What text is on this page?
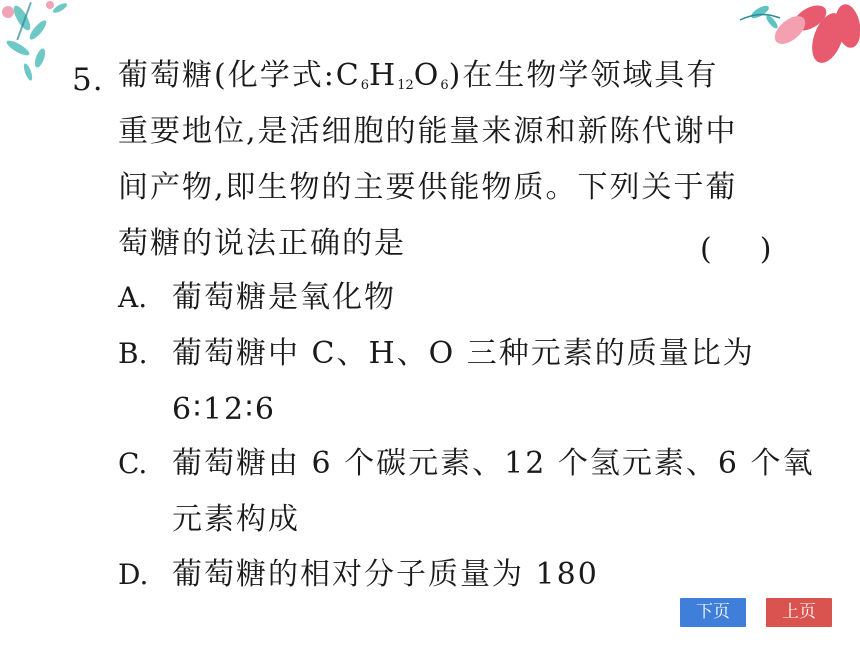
5. 葡萄糖(化学式$:C_6H_{12}O_6$)在生物学领域具有
重要地位,是活细胞的能量来源和新陈代谢中
间产物,即生物的主要供能物质。下列关于葡
萄糖的说法正确的是	()
A. 葡萄糖是氧化物
B. 葡萄糖中 C、H、O 三种元素的质量比为
6∶12∶6
C. 葡萄糖由 6 个碳元素、12 个氢元素、6 个氧
元素构成
D. 葡萄糖的相对分子质量为 180
下页	上页
